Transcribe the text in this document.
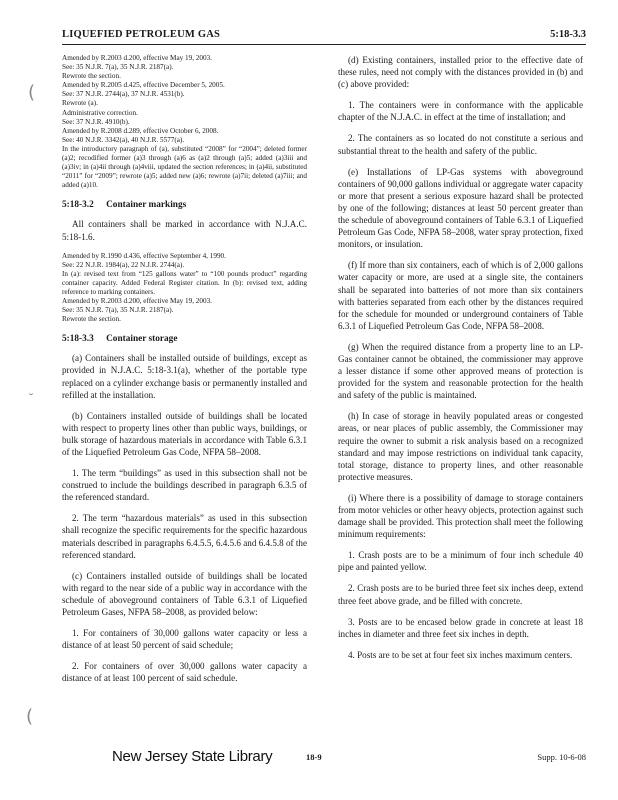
LIQUEFIED PETROLEUM GAS	5:18-3.3
(
˘
(

Amended by R.2003 d.200, effective May 19, 2003.

See: 35 N.J.R. 7(a), 35 N.J.R. 2187(a).

Rewrote the section.

Amended by R.2005 d.425, effective December 5, 2005.

See: 37 N.J.R. 2744(a), 37 N.J.R. 4531(b).

Rewrote (a).

Administrative correction.

See: 37 N.J.R. 4910(b).

Amended by R.2008 d.289, effective October 6, 2008.

See: 40 N.J.R. 3342(a), 40 N.J.R. 5577(a).

In the introductory paragraph of (a), substituted “2008” for “2004”; deleted former (a)2; recodified former (a)3 through (a)6 as (a)2 through (a)5; added (a)3iii and (a)3iv; in (a)4ii through (a)4viii, updated the section references; in (a)4ii, substituted “2011” for “2009”; rewrote (a)5; added new (a)6; rewrote (a)7ii; deleted (a)7iii; and added (a)10.

5:18-3.2 Container markings

All containers shall be marked in accordance with N.J.A.C. 5:18-1.6.

Amended by R.1990 d.436, effective September 4, 1990.

See: 22 N.J.R. 1984(a), 22 N.J.R. 2744(a).

In (a): revised text from “125 gallons water” to “100 pounds product” regarding container capacity. Added Federal Register citation. In (b): revised text, adding reference to marking containers.

Amended by R.2003 d.200, effective May 19, 2003.

See: 35 N.J.R. 7(a), 35 N.J.R. 2187(a).

Rewrote the section.

5:18-3.3 Container storage

(a) Containers shall be installed outside of buildings, except as provided in N.J.A.C. 5:18-3.1(a), whether of the portable type replaced on a cylinder exchange basis or permanently installed and refilled at the installation.

(b) Containers installed outside of buildings shall be located with respect to property lines other than public ways, buildings, or bulk storage of hazardous materials in accordance with Table 6.3.1 of the Liquefied Petroleum Gas Code, NFPA 58–2008.

1. The term “buildings” as used in this subsection shall not be construed to include the buildings described in paragraph 6.3.5 of the referenced standard.

2. The term “hazardous materials” as used in this subsection shall recognize the specific requirements for the specific hazardous materials described in paragraphs 6.4.5.5, 6.4.5.6 and 6.4.5.8 of the referenced standard.

(c) Containers installed outside of buildings shall be located with regard to the near side of a public way in accordance with the schedule of aboveground containers of Table 6.3.1 of Liquefied Petroleum Gases, NFPA 58–2008, as provided below:

1. For containers of 30,000 gallons water capacity or less a distance of at least 50 percent of said schedule;

2. For containers of over 30,000 gallons water capacity a distance of at least 100 percent of said schedule.

(d) Existing containers, installed prior to the effective date of these rules, need not comply with the distances provided in (b) and (c) above provided:

1. The containers were in conformance with the applicable chapter of the N.J.A.C. in effect at the time of installation; and

2. The containers as so located do not constitute a serious and substantial threat to the health and safety of the public.

(e) Installations of LP-Gas systems with aboveground containers of 90,000 gallons individual or aggregate water capacity or more that present a serious exposure hazard shall be protected by one of the following; distances at least 50 percent greater than the schedule of aboveground containers of Table 6.3.1 of Liquefied Petroleum Gas Code, NFPA 58–2008, water spray protection, fixed monitors, or insulation.

(f) If more than six containers, each of which is of 2,000 gallons water capacity or more, are used at a single site, the containers shall be separated into batteries of not more than six containers with batteries separated from each other by the distances required for the schedule for mounded or underground containers of Table 6.3.1 of Liquefied Petroleum Gas Code, NFPA 58–2008.

(g) When the required distance from a property line to an LP-Gas container cannot be obtained, the commissioner may approve a lesser distance if some other approved means of protection is provided for the system and reasonable protection for the health and safety of the public is maintained.

(h) In case of storage in heavily populated areas or congested areas, or near places of public assembly, the Commissioner may require the owner to submit a risk analysis based on a recognized standard and may impose restrictions on individual tank capacity, total storage, distance to property lines, and other reasonable protective measures.

(i) Where there is a possibility of damage to storage containers from motor vehicles or other heavy objects, protection against such damage shall be provided. This protection shall meet the following minimum requirements:

1. Crash posts are to be a minimum of four inch schedule 40 pipe and painted yellow.

2. Crash posts are to be buried three feet six inches deep, extend three feet above grade, and be filled with concrete.

3. Posts are to be encased below grade in concrete at least 18 inches in diameter and three feet six inches in depth.

4. Posts are to be set at four feet six inches maximum centers.

New Jersey State Library	18-9	Supp. 10-6-08
